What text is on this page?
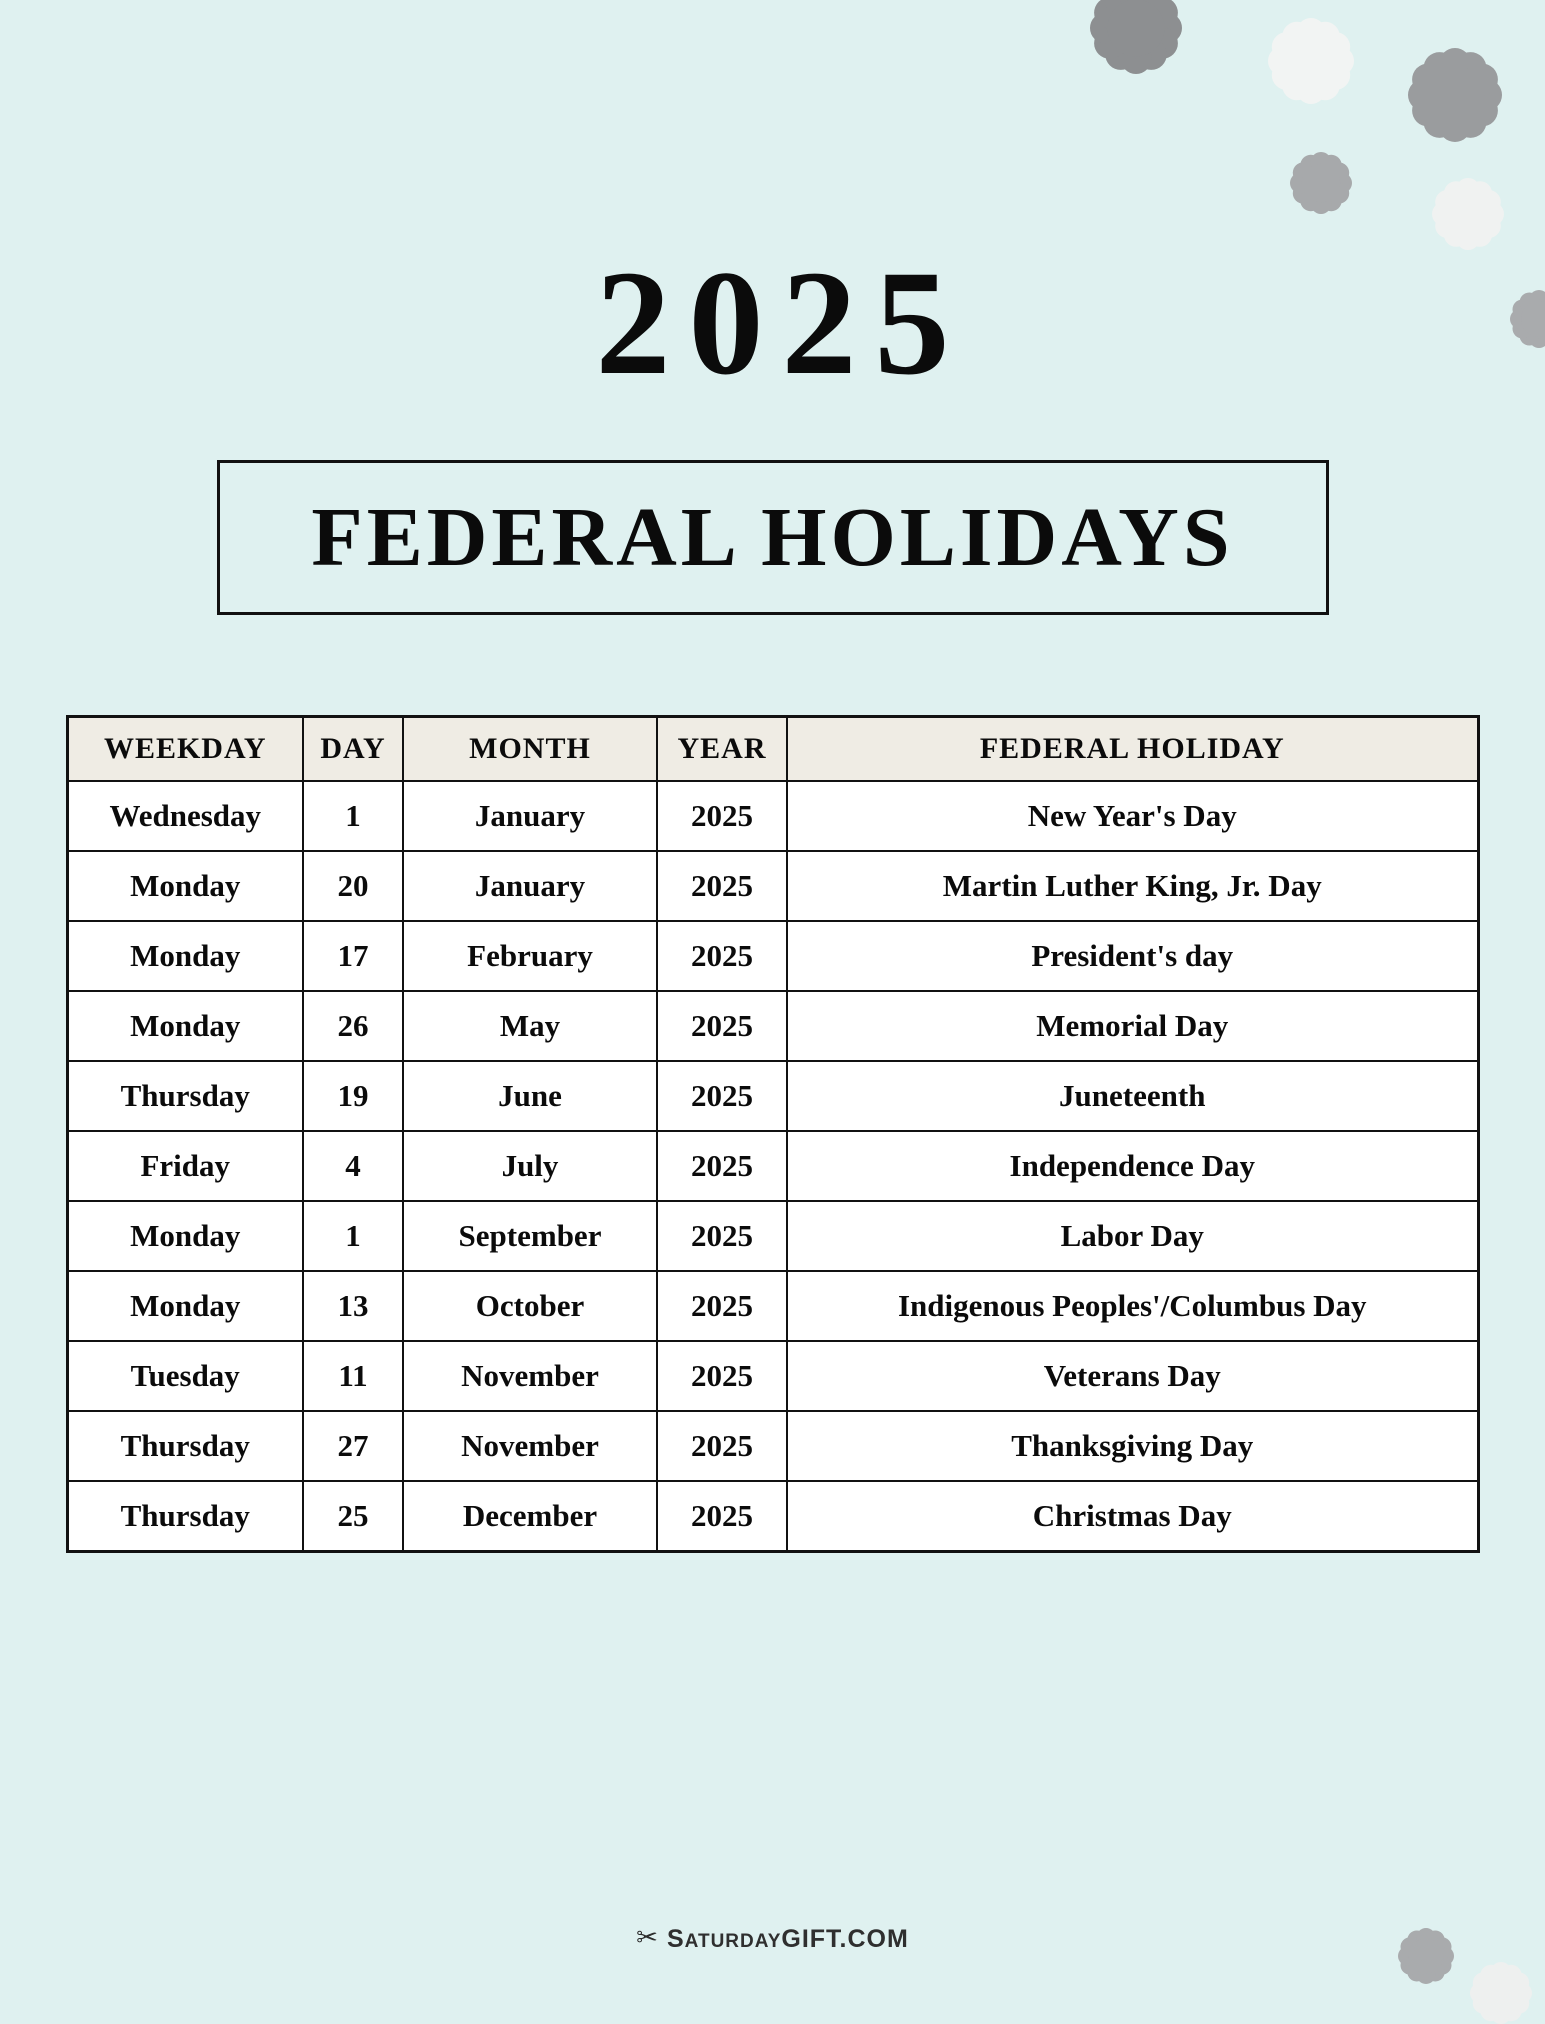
2025
FEDERAL HOLIDAYS
WEEKDAY	DAY	MONTH	YEAR	FEDERAL HOLIDAY
Wednesday	1	January	2025	New Year's Day
Monday	20	January	2025	Martin Luther King, Jr. Day
Monday	17	February	2025	President's day
Monday	26	May	2025	Memorial Day
Thursday	19	June	2025	Juneteenth
Friday	4	July	2025	Independence Day
Monday	1	September	2025	Labor Day
Monday	13	October	2025	Indigenous Peoples'/Columbus Day
Tuesday	11	November	2025	Veterans Day
Thursday	27	November	2025	Thanksgiving Day
Thursday	25	December	2025	Christmas Day
✂ SATURDAYGIFT.COM
